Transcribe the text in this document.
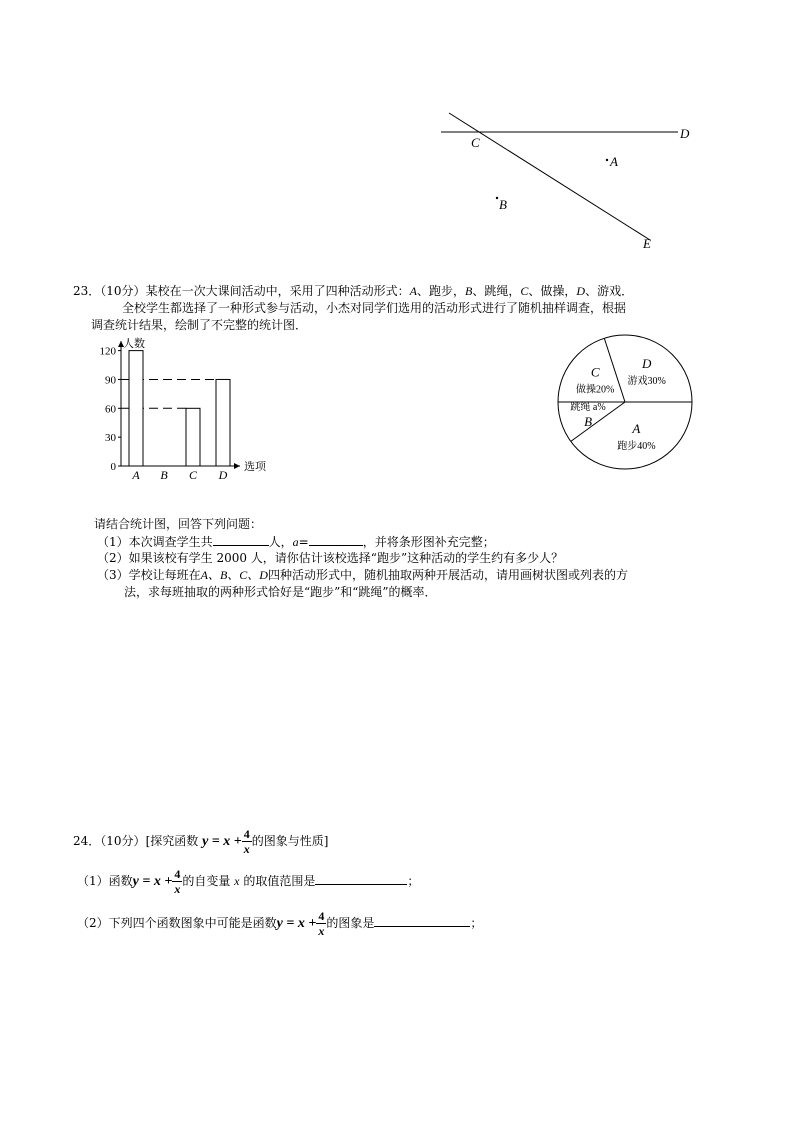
C
D
A
B
E
23．（10分）某校在一次大课间活动中，采用了四种活动形式：A、跑步，B、跳绳，C、做操，D、游戏．
全校学生都选择了一种形式参与活动，小杰对同学们选用的活动形式进行了随机抽样调查，根据
调查统计结果，绘制了不完整的统计图．
人数
选项
0
30
60
90
120
A B C D
D
游戏30%
C
做操20%
跳绳 a%
B	A
跑步40%
请结合统计图，回答下列问题：
（1）本次调查学生共	人，a=	，并将条形图补充完整；
（2）如果该校有学生 2000 人，请你估计该校选择“跑步”这种活动的学生约有多少人？
（3）学校让每班在A、B、C、D四种活动形式中，随机抽取两种开展活动，请用画树状图或列表的方
法，求每班抽取的两种形式恰好是“跑步”和“跳绳”的概率．
24．（10分）[探究函数 $y = x + \frac{4}{x}$ 的图象与性质]
（1）函数$y = x + \frac{4}{x}$ 的自变量 x 的取值范围是	；
（2）下列四个函数图象中可能是函数$y = x + \frac{4}{x}$ 的图象是	；
